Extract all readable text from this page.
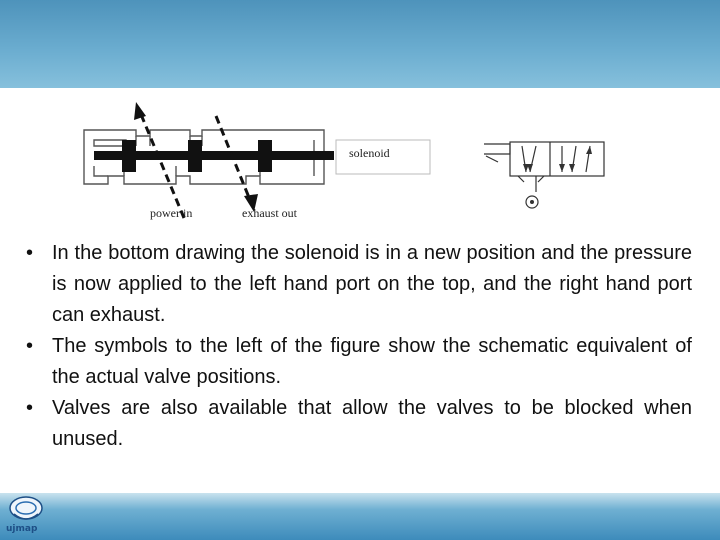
solenoid
power in	exhaust out
• In the bottom drawing the solenoid is in a new position and the pressure is now applied to the left hand port on the top, and the right hand port can exhaust.
• The symbols to the left of the figure show the schematic equivalent of the actual valve positions.
• Valves are also available that allow the valves to be blocked when unused.
ujmap
